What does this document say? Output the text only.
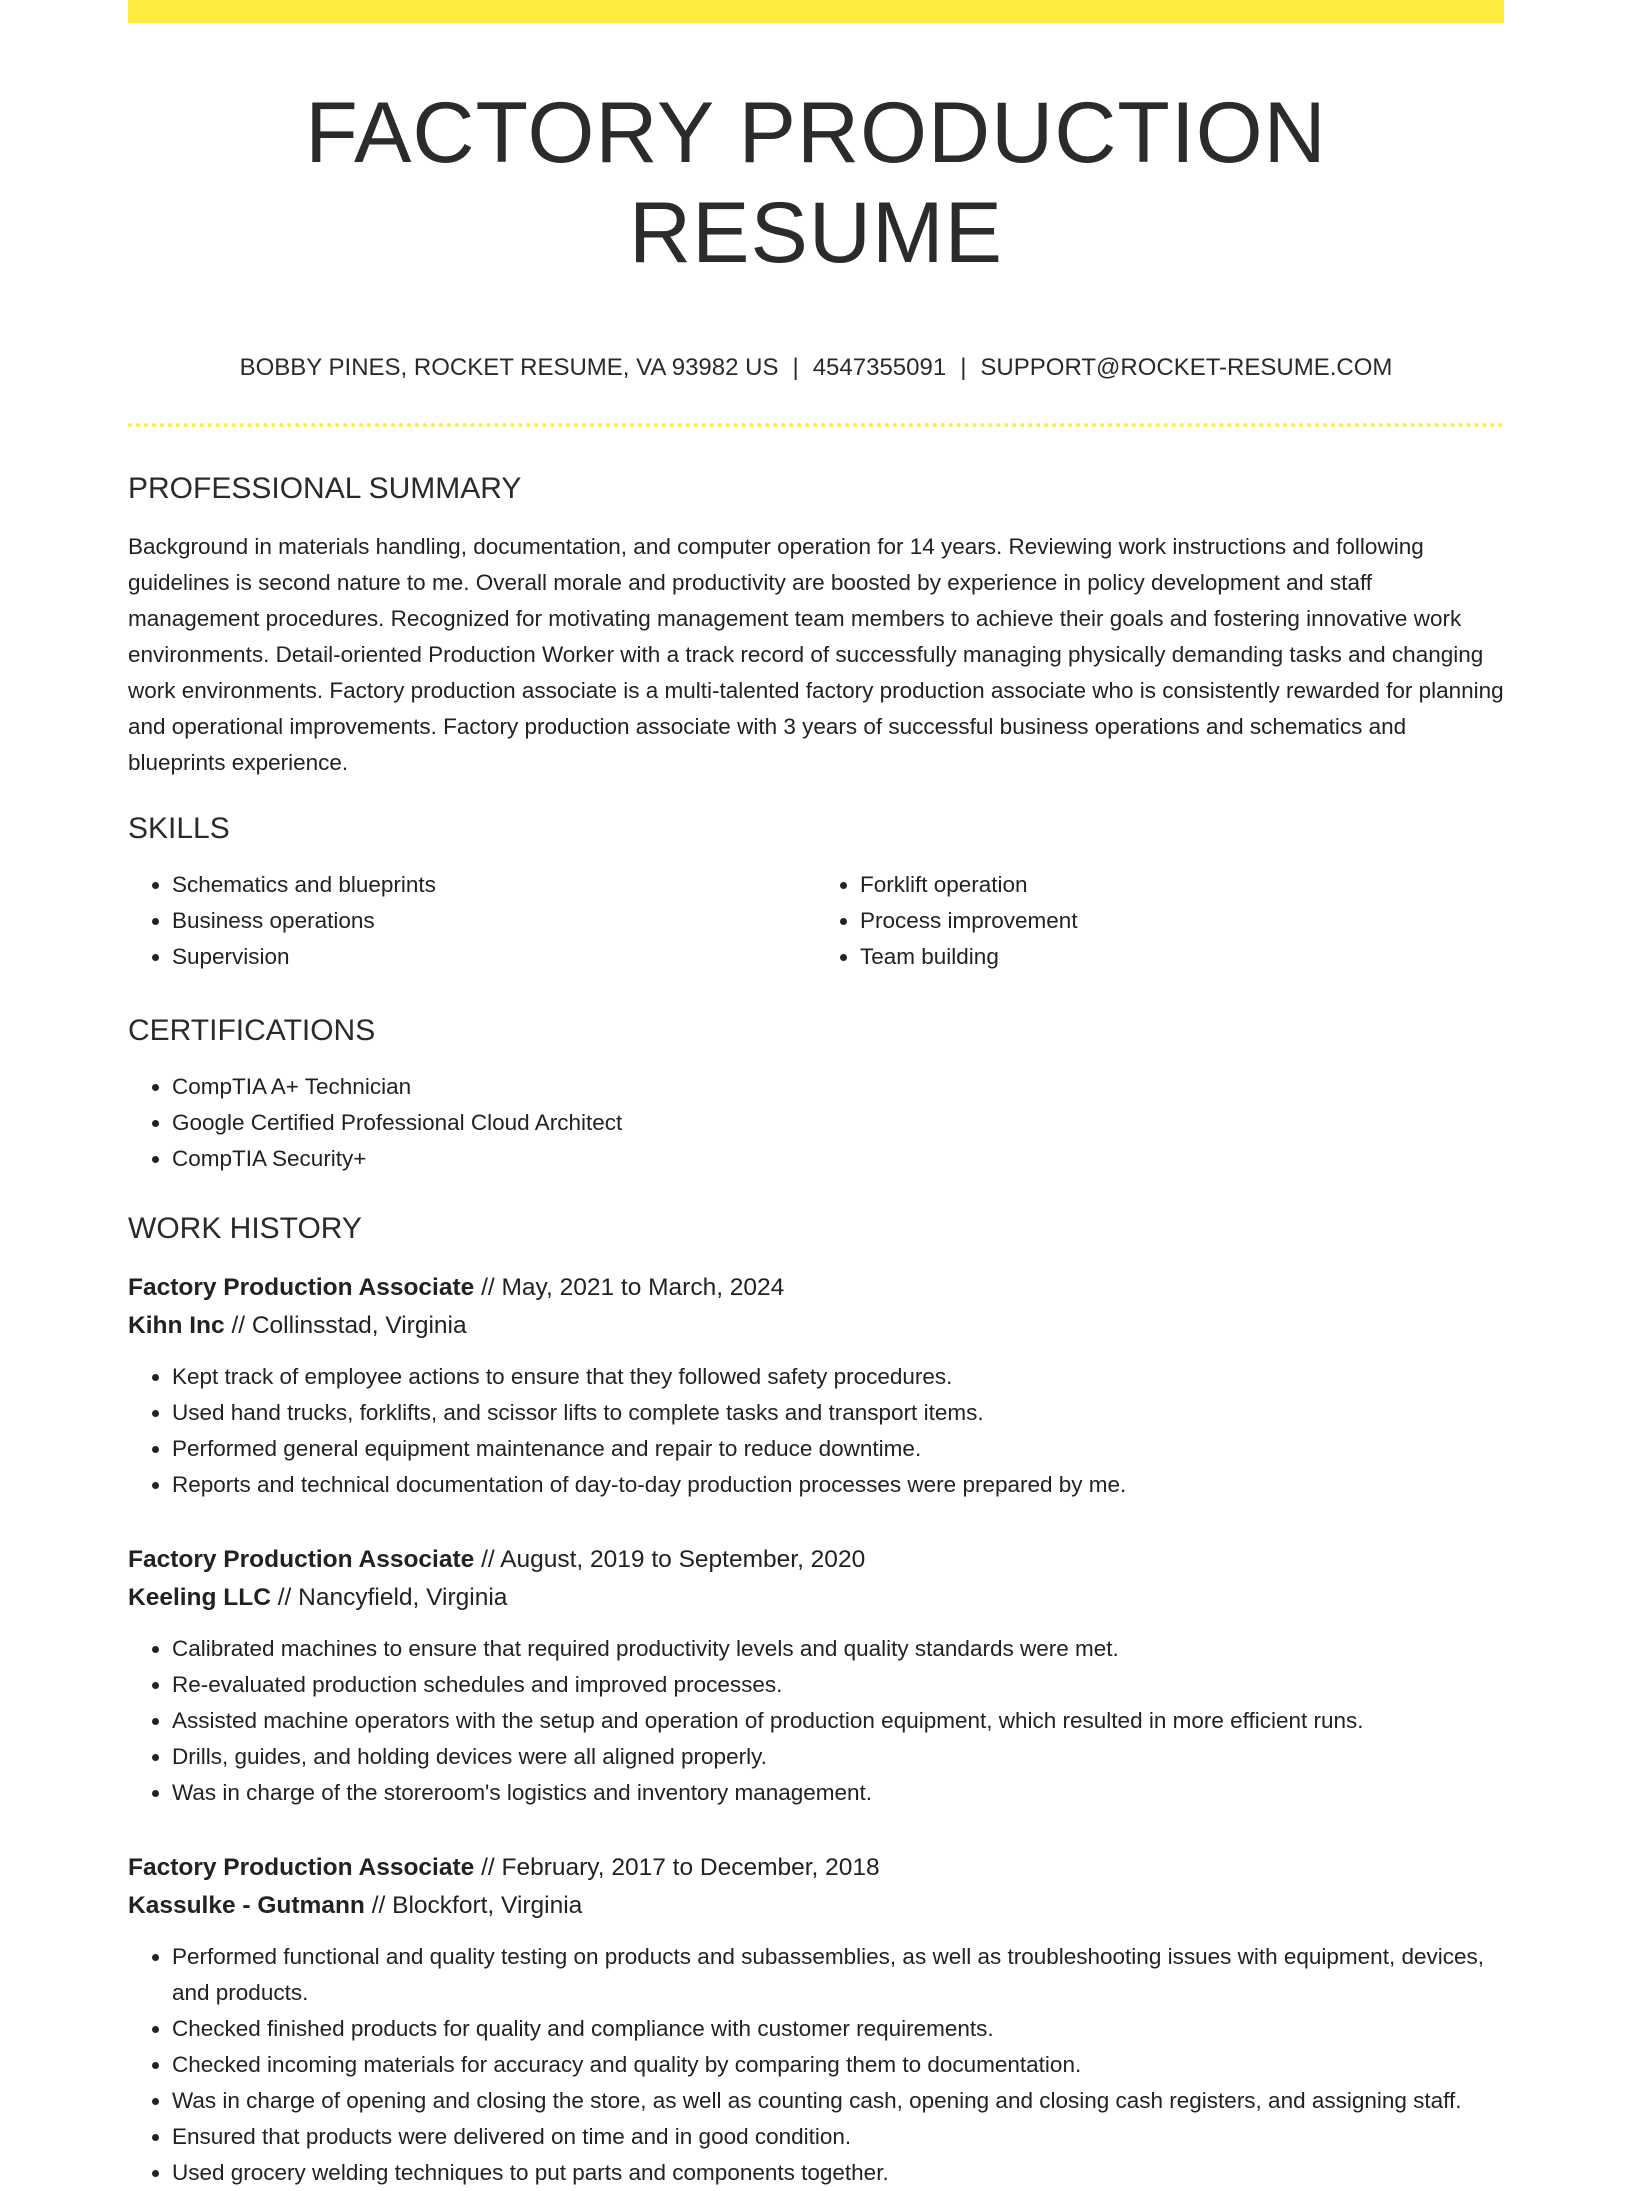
FACTORY PRODUCTION RESUME
BOBBY PINES, ROCKET RESUME, VA 93982 US | 4547355091 | SUPPORT@ROCKET-RESUME.COM
PROFESSIONAL SUMMARY
Background in materials handling, documentation, and computer operation for 14 years. Reviewing work instructions and following guidelines is second nature to me. Overall morale and productivity are boosted by experience in policy development and staff management procedures. Recognized for motivating management team members to achieve their goals and fostering innovative work environments. Detail-oriented Production Worker with a track record of successfully managing physically demanding tasks and changing work environments. Factory production associate is a multi-talented factory production associate who is consistently rewarded for planning and operational improvements. Factory production associate with 3 years of successful business operations and schematics and blueprints experience.
SKILLS
• Schematics and blueprints
• Business operations
• Supervision
• Forklift operation
• Process improvement
• Team building
CERTIFICATIONS
• CompTIA A+ Technician
• Google Certified Professional Cloud Architect
• CompTIA Security+
WORK HISTORY
Factory Production Associate // May, 2021 to March, 2024
Kihn Inc // Collinsstad, Virginia
• Kept track of employee actions to ensure that they followed safety procedures.
• Used hand trucks, forklifts, and scissor lifts to complete tasks and transport items.
• Performed general equipment maintenance and repair to reduce downtime.
• Reports and technical documentation of day-to-day production processes were prepared by me.
Factory Production Associate // August, 2019 to September, 2020
Keeling LLC // Nancyfield, Virginia
• Calibrated machines to ensure that required productivity levels and quality standards were met.
• Re-evaluated production schedules and improved processes.
• Assisted machine operators with the setup and operation of production equipment, which resulted in more efficient runs.
• Drills, guides, and holding devices were all aligned properly.
• Was in charge of the storeroom's logistics and inventory management.
Factory Production Associate // February, 2017 to December, 2018
Kassulke - Gutmann // Blockfort, Virginia
• Performed functional and quality testing on products and subassemblies, as well as troubleshooting issues with equipment, devices, and products.
• Checked finished products for quality and compliance with customer requirements.
• Checked incoming materials for accuracy and quality by comparing them to documentation.
• Was in charge of opening and closing the store, as well as counting cash, opening and closing cash registers, and assigning staff.
• Ensured that products were delivered on time and in good condition.
• Used grocery welding techniques to put parts and components together.
